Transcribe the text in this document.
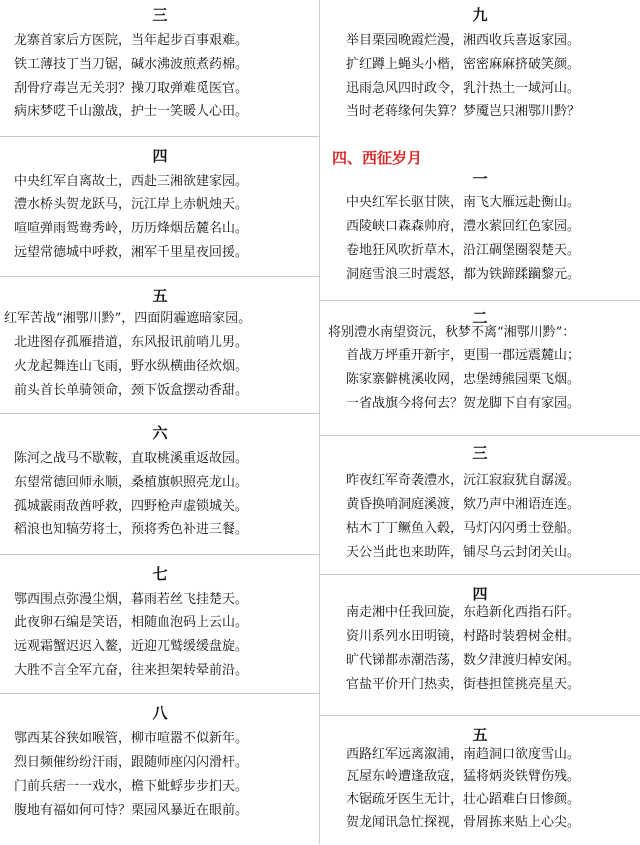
三
龙寨首家后方医院，当年起步百事艰难。
铁工薄技丁当刀锯，碱水沸波煎煮药棉。
刮骨疗毒岂无关羽？操刀取弹难觅医官。
病床梦呓千山激战，护士一笑暖人心田。
四
中央红军自离故土，西赴三湘欲建家园。
澧水桥头贺龙跃马，沅江岸上赤帆烛天。
喧喧弹雨鸳鸯秀岭，历历烽烟岳麓名山。
远望常德城中呼救，湘军千里星夜回援。
五
红军苦战“湘鄂川黔”，四面阴霾遮暗家园。
北进图存孤雁措道，东风报讯前哨儿男。
火龙起舞连山飞雨，野水纵横曲径炊烟。
前头首长单骑领命，颈下饭盒摆动香甜。
六
陈河之战马不歇鞍，直取桃溪重返故园。
东望常德回师永顺，桑植旗帜照亮龙山。
孤城霰雨敌酋呼救，四野枪声虚锁城关。
稻浪也知犒劳将士，预将秀色补进三餐。
七
鄂西围点弥漫尘烟，暮雨若丝飞挂楚天。
此夜卵石编是笑语，相随血泡码上云山。
远观霜蟹迟迟入鳌，近迎兀鹫缓缓盘旋。
大胜不言全军亢奋，往来担架转晕前沿。
八
鄂西某谷狭如喉管，柳市喧嚣不似新年。
烈日频催纷纷汗雨，跟随师座闪闪滑杆。
门前兵痞一一戏水，檐下蚍蜉步步扪天。
腹地有福如何可恃？栗园风暴近在眼前。
九
举目栗园晚霞烂漫，湘西收兵喜返家园。
扩红蹲上蝇头小楷，密密麻麻挤破笑颜。
迅雨急风四时政令，乳汁热土一域河山。
当时老蒋缘何失算？梦魇岂只湘鄂川黔？
四、西征岁月
一
中央红军长驱甘陕，南飞大雁远赴衡山。
西陵峡口森森帅府，澧水萦回红色家园。
卷地狂风吹折草木，沿江碉堡圈裂楚天。
洞庭雪浪三时震怒，都为铁蹄蹂躏黎元。
二
将别澧水南望资沅，秋梦不离“湘鄂川黔”：
首战万坪重开新宇，更围一郡远震麓山；
陈家寨僻桃溪收网，忠堡缚熊园栗飞烟。
一省战旗今将何去？贺龙脚下自有家园。
三
昨夜红军奇袭澧水，沅江寂寂犹自潺湲。
黄昏换哨洞庭溪渡，欸乃声中湘语连连。
枯木丁丁鳜鱼入毂，马灯闪闪勇士登船。
天公当此也来助阵，铺尽乌云封闭关山。
四
南走湘中任我回旋，东趋新化西指石阡。
资川系列水田明镜，村路时装碧树金柑。
旷代锑都赤潮浩荡，数夕津渡归棹安闲。
官盐平价开门热卖，街巷担筐挑亮星天。
五
西路红军远离溆浦，南趋洞口欲度雪山。
瓦屋东岭遭逢敌寇，猛将炳炎铁臂伤残。
木锯疏牙医生无计，壮心蹈难白日惨颜。
贺龙闻讯急忙探视，骨屑拣来贴上心尖。
